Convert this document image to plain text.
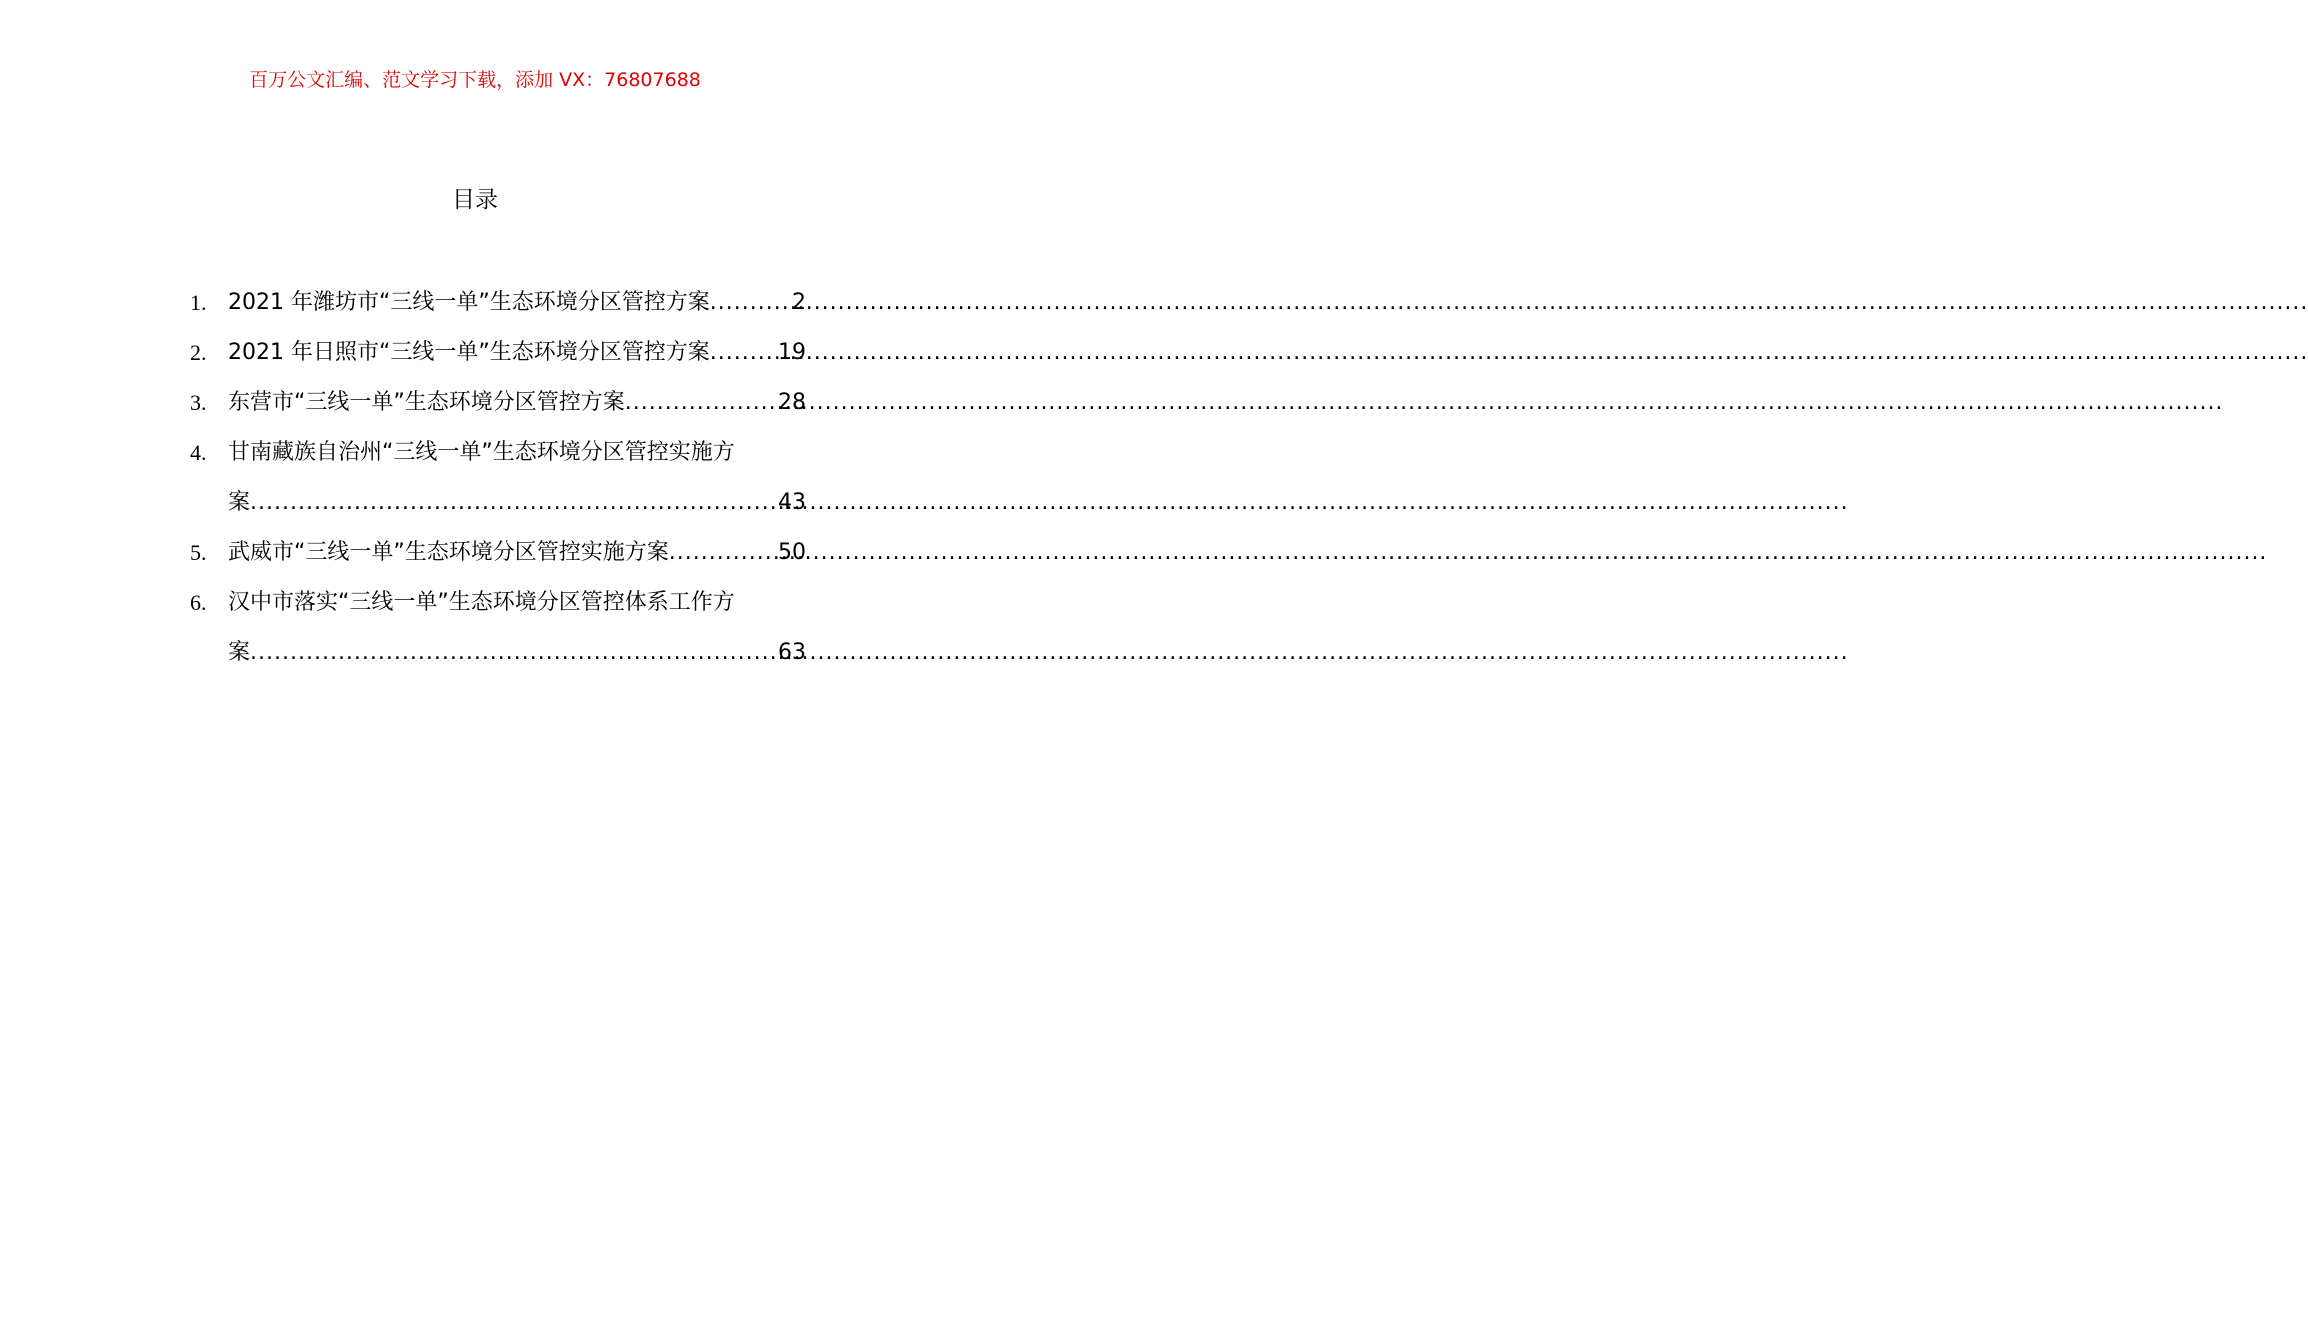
百万公文汇编、范文学习下载，添加 VX：76807688
目录
1. 2021 年潍坊市“三线一单”生态环境分区管控方案 .....	2
2. 2021 年日照市“三线一单”生态环境分区管控方案 .....	19
3. 东营市“三线一单”生态环境分区管控方案 .....	28
4. 甘南藏族自治州“三线一单”生态环境分区管控实施方
案 .....	43
5. 武威市“三线一单”生态环境分区管控实施方案 .....	50
6. 汉中市落实“三线一单”生态环境分区管控体系工作方
案 .....	63
